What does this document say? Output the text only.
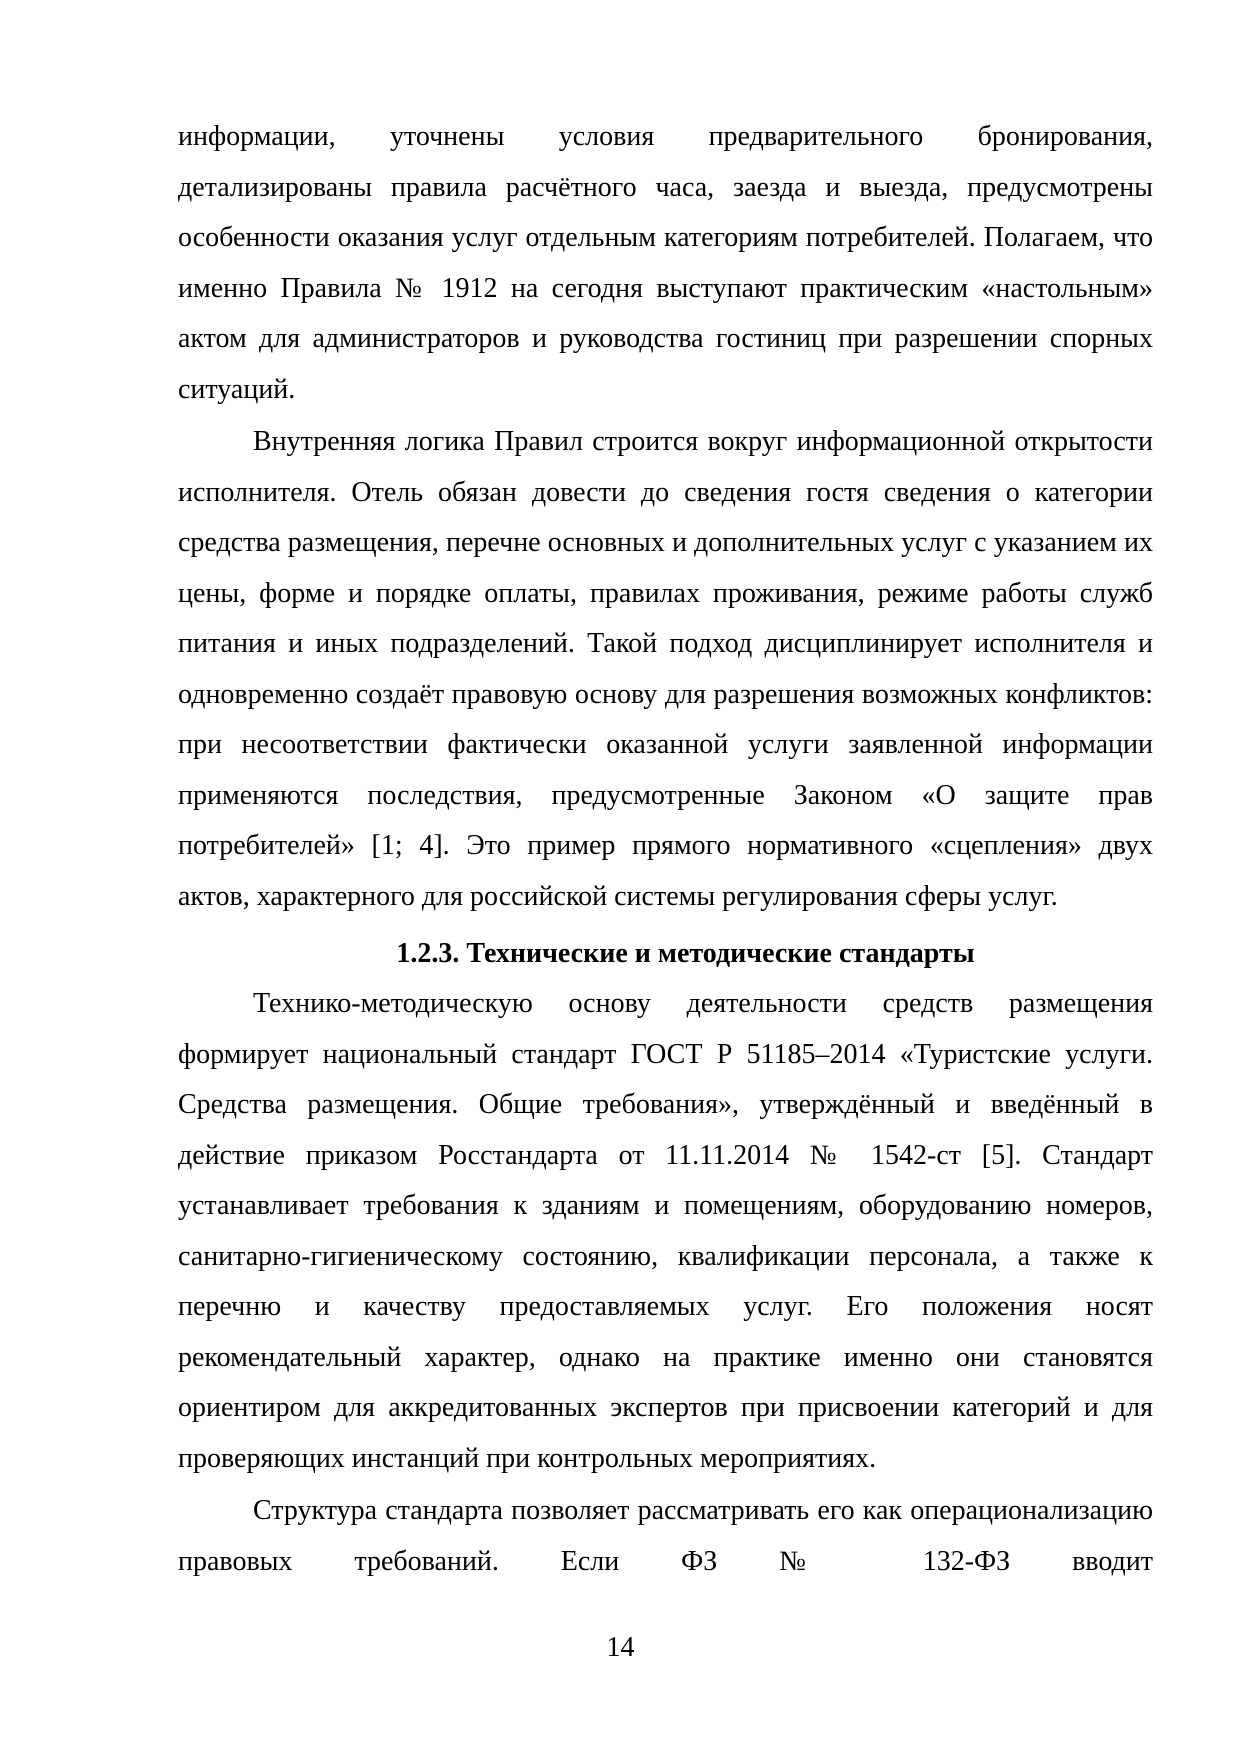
информации, уточнены условия предварительного бронирования, детализированы правила расчётного часа, заезда и выезда, предусмотрены особенности оказания услуг отдельным категориям потребителей. Полагаем, что именно Правила № 1912 на сегодня выступают практическим «настольным» актом для администраторов и руководства гостиниц при разрешении спорных ситуаций.

Внутренняя логика Правил строится вокруг информационной открытости исполнителя. Отель обязан довести до сведения гостя сведения о категории средства размещения, перечне основных и дополнительных услуг с указанием их цены, форме и порядке оплаты, правилах проживания, режиме работы служб питания и иных подразделений. Такой подход дисциплинирует исполнителя и одновременно создаёт правовую основу для разрешения возможных конфликтов: при несоответствии фактически оказанной услуги заявленной информации применяются последствия, предусмотренные Законом «О защите прав потребителей» [1; 4]. Это пример прямого нормативного «сцепления» двух актов, характерного для российской системы регулирования сферы услуг.

1.2.3. Технические и методические стандарты

Технико-методическую основу деятельности средств размещения формирует национальный стандарт ГОСТ Р 51185–2014 «Туристские услуги. Средства размещения. Общие требования», утверждённый и введённый в действие приказом Росстандарта от 11.11.2014 № 1542-ст [5]. Стандарт устанавливает требования к зданиям и помещениям, оборудованию номеров, санитарно-гигиеническому состоянию, квалификации персонала, а также к перечню и качеству предоставляемых услуг. Его положения носят рекомендательный характер, однако на практике именно они становятся ориентиром для аккредитованных экспертов при присвоении категорий и для проверяющих инстанций при контрольных мероприятиях.

Структура стандарта позволяет рассматривать его как операционализацию правовых требований. Если ФЗ № 132-ФЗ вводит

14
